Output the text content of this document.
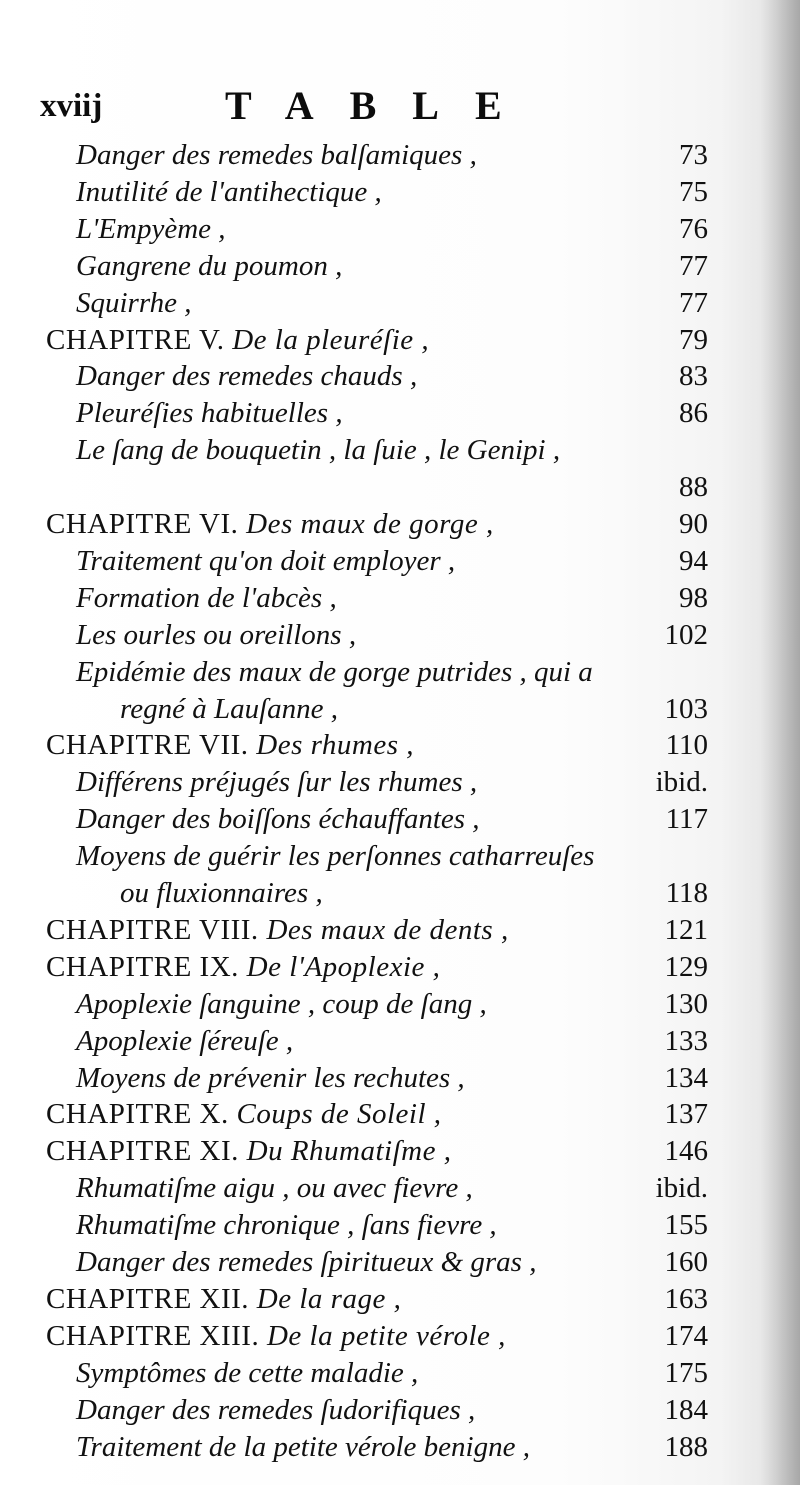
xviij	TABLE
Danger des remedes balſamiques ,	73
Inutilité de l'antihectique ,	75
L'Empyème ,	76
Gangrene du poumon ,	77
Squirrhe ,	77
CHAPITRE V. De la pleuréſie ,	79
Danger des remedes chauds ,	83
Pleuréſies habituelles ,	86
Le ſang de bouquetin , la ſuie , le Genipi ,
88
CHAPITRE VI. Des maux de gorge ,	90
Traitement qu'on doit employer ,	94
Formation de l'abcès ,	98
Les ourles ou oreillons ,	102
Epidémie des maux de gorge putrides , qui a
regné à Lauſanne ,	103
CHAPITRE VII. Des rhumes ,	110
Différens préjugés ſur les rhumes ,	ibid.
Danger des boiſſons échauffantes ,	117
Moyens de guérir les perſonnes catharreuſes
ou fluxionnaires ,	118
CHAPITRE VIII. Des maux de dents ,	121
CHAPITRE IX. De l'Apoplexie ,	129
Apoplexie ſanguine , coup de ſang ,	130
Apoplexie ſéreuſe ,	133
Moyens de prévenir les rechutes ,	134
CHAPITRE X. Coups de Soleil ,	137
CHAPITRE XI. Du Rhumatiſme ,	146
Rhumatiſme aigu , ou avec fievre ,	ibid.
Rhumatiſme chronique , ſans fievre ,	155
Danger des remedes ſpiritueux & gras ,	160
CHAPITRE XII. De la rage ,	163
CHAPITRE XIII. De la petite vérole ,	174
Symptômes de cette maladie ,	175
Danger des remedes ſudorifiques ,	184
Traitement de la petite vérole benigne ,	188
